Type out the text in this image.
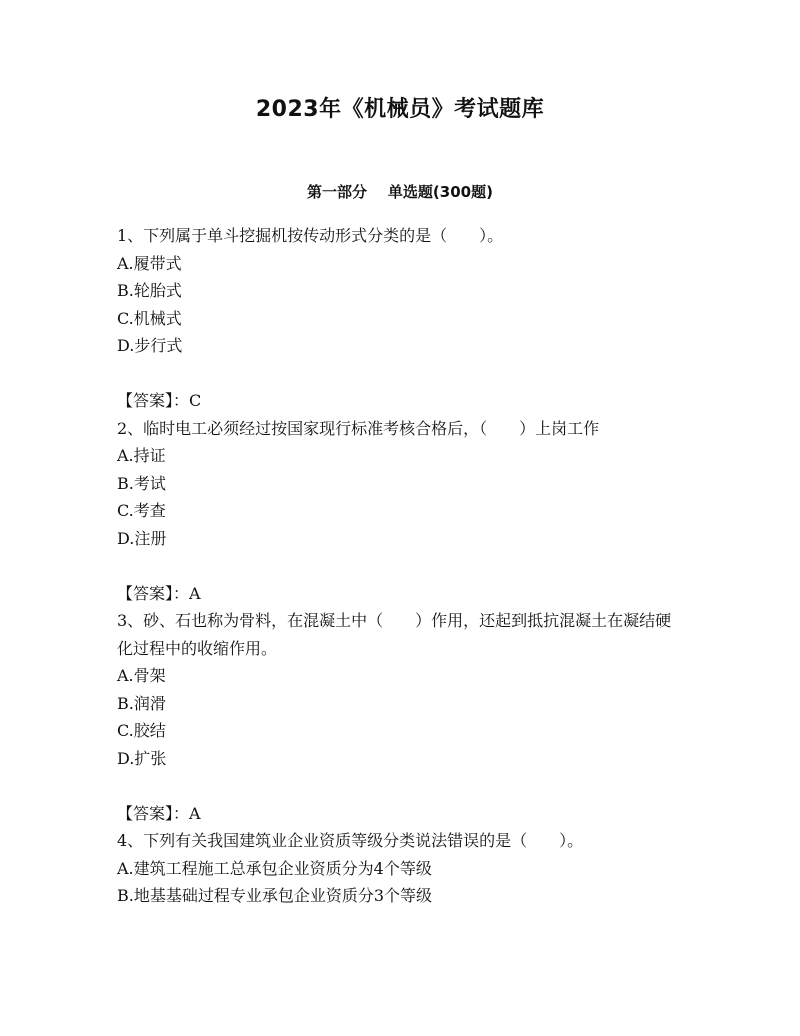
2023年《机械员》考试题库
第一部分    单选题(300题)
1、下列属于单斗挖掘机按传动形式分类的是（　　）。
A.履带式
B.轮胎式
C.机械式
D.步行式
【答案】：C
2、临时电工必须经过按国家现行标准考核合格后，（　　）上岗工作
A.持证
B.考试
C.考查
D.注册
【答案】：A
3、砂、石也称为骨料，在混凝土中（　　）作用，还起到抵抗混凝土在凝结硬化过程中的收缩作用。
A.骨架
B.润滑
C.胶结
D.扩张
【答案】：A
4、下列有关我国建筑业企业资质等级分类说法错误的是（　　）。
A.建筑工程施工总承包企业资质分为4个等级
B.地基基础过程专业承包企业资质分3个等级
